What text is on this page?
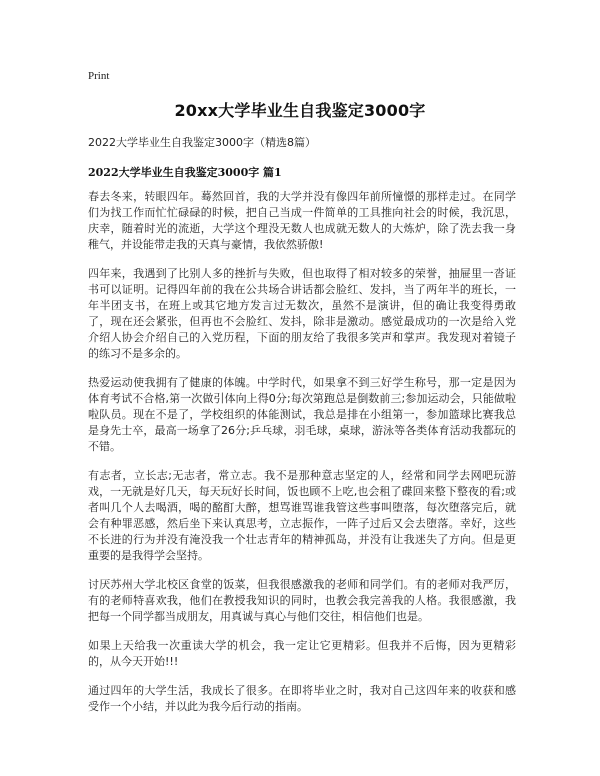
Print
20xx大学毕业生自我鉴定3000字
2022大学毕业生自我鉴定3000字（精选8篇）
2022大学毕业生自我鉴定3000字 篇1

春去冬来，转眼四年。蓦然回首，我的大学并没有像四年前所憧憬的那样走过。在同学们为找工作而忙忙碌碌的时候，把自己当成一件简单的工具推向社会的时候，我沉思，庆幸，随着时光的流逝，大学这个理没无数人也成就无数人的大炼炉，除了洗去我一身稚气，并设能带走我的天真与豪情，我依然骄傲!

四年来，我遇到了比别人多的挫折与失败，但也取得了相对较多的荣誉，抽屉里一沓证书可以证明。记得四年前的我在公共场合讲话都会脸红、发抖，当了两年半的班长，一年半团支书，在班上或其它地方发言过无数次，虽然不是演讲，但的确让我变得勇敢了，现在还会紧张，但再也不会脸红、发抖，除非是激动。感觉最成功的一次是给入党介绍人协会介绍自己的入党历程，下面的朋友给了我很多笑声和掌声。我发现对着镜子的练习不是多余的。

热爱运动使我拥有了健康的体魄。中学时代，如果拿不到三好学生称号，那一定是因为体育考试不合格,第一次做引体向上得0分;每次第跑总是倒数前三;参加运动会，只能做啦啦队员。现在不是了，学校组织的体能测试，我总是排在小组第一，参加篮球比赛我总是身先士卒，最高一场拿了26分;乒乓球，羽毛球，桌球，游泳等各类体育活动我都玩的不错。

有志者，立长志;无志者，常立志。我不是那种意志坚定的人，经常和同学去网吧玩游戏，一无就是好几天，每天玩好长时间，饭也顾不上吃,也会租了碟回来整下整夜的看;或者叫几个人去喝酒，喝的酩酊大醉，想骂谁骂谁我管这些事叫堕落，每次堕落完后，就会有种罪恶感，然后坐下来认真思考，立志振作，一阵子过后又会去堕落。幸好，这些不长进的行为并没有淹没我一个壮志青年的精神孤岛，并没有让我迷失了方向。但是更重要的是我得学会坚持。

讨厌苏州大学北校区食堂的饭菜，但我很感激我的老师和同学们。有的老师对我严厉，有的老师特喜欢我，他们在教授我知识的同时，也教会我完善我的人格。我很感激，我把每一个同学都当成朋友，用真诚与真心与他们交往，相信他们也是。

如果上天给我一次重读大学的机会，我一定让它更精彩。但我并不后悔，因为更精彩的，从今天开始!!!

通过四年的大学生活，我成长了很多。在即将毕业之时，我对自己这四年来的收获和感受作一个小结，并以此为我今后行动的指南。
